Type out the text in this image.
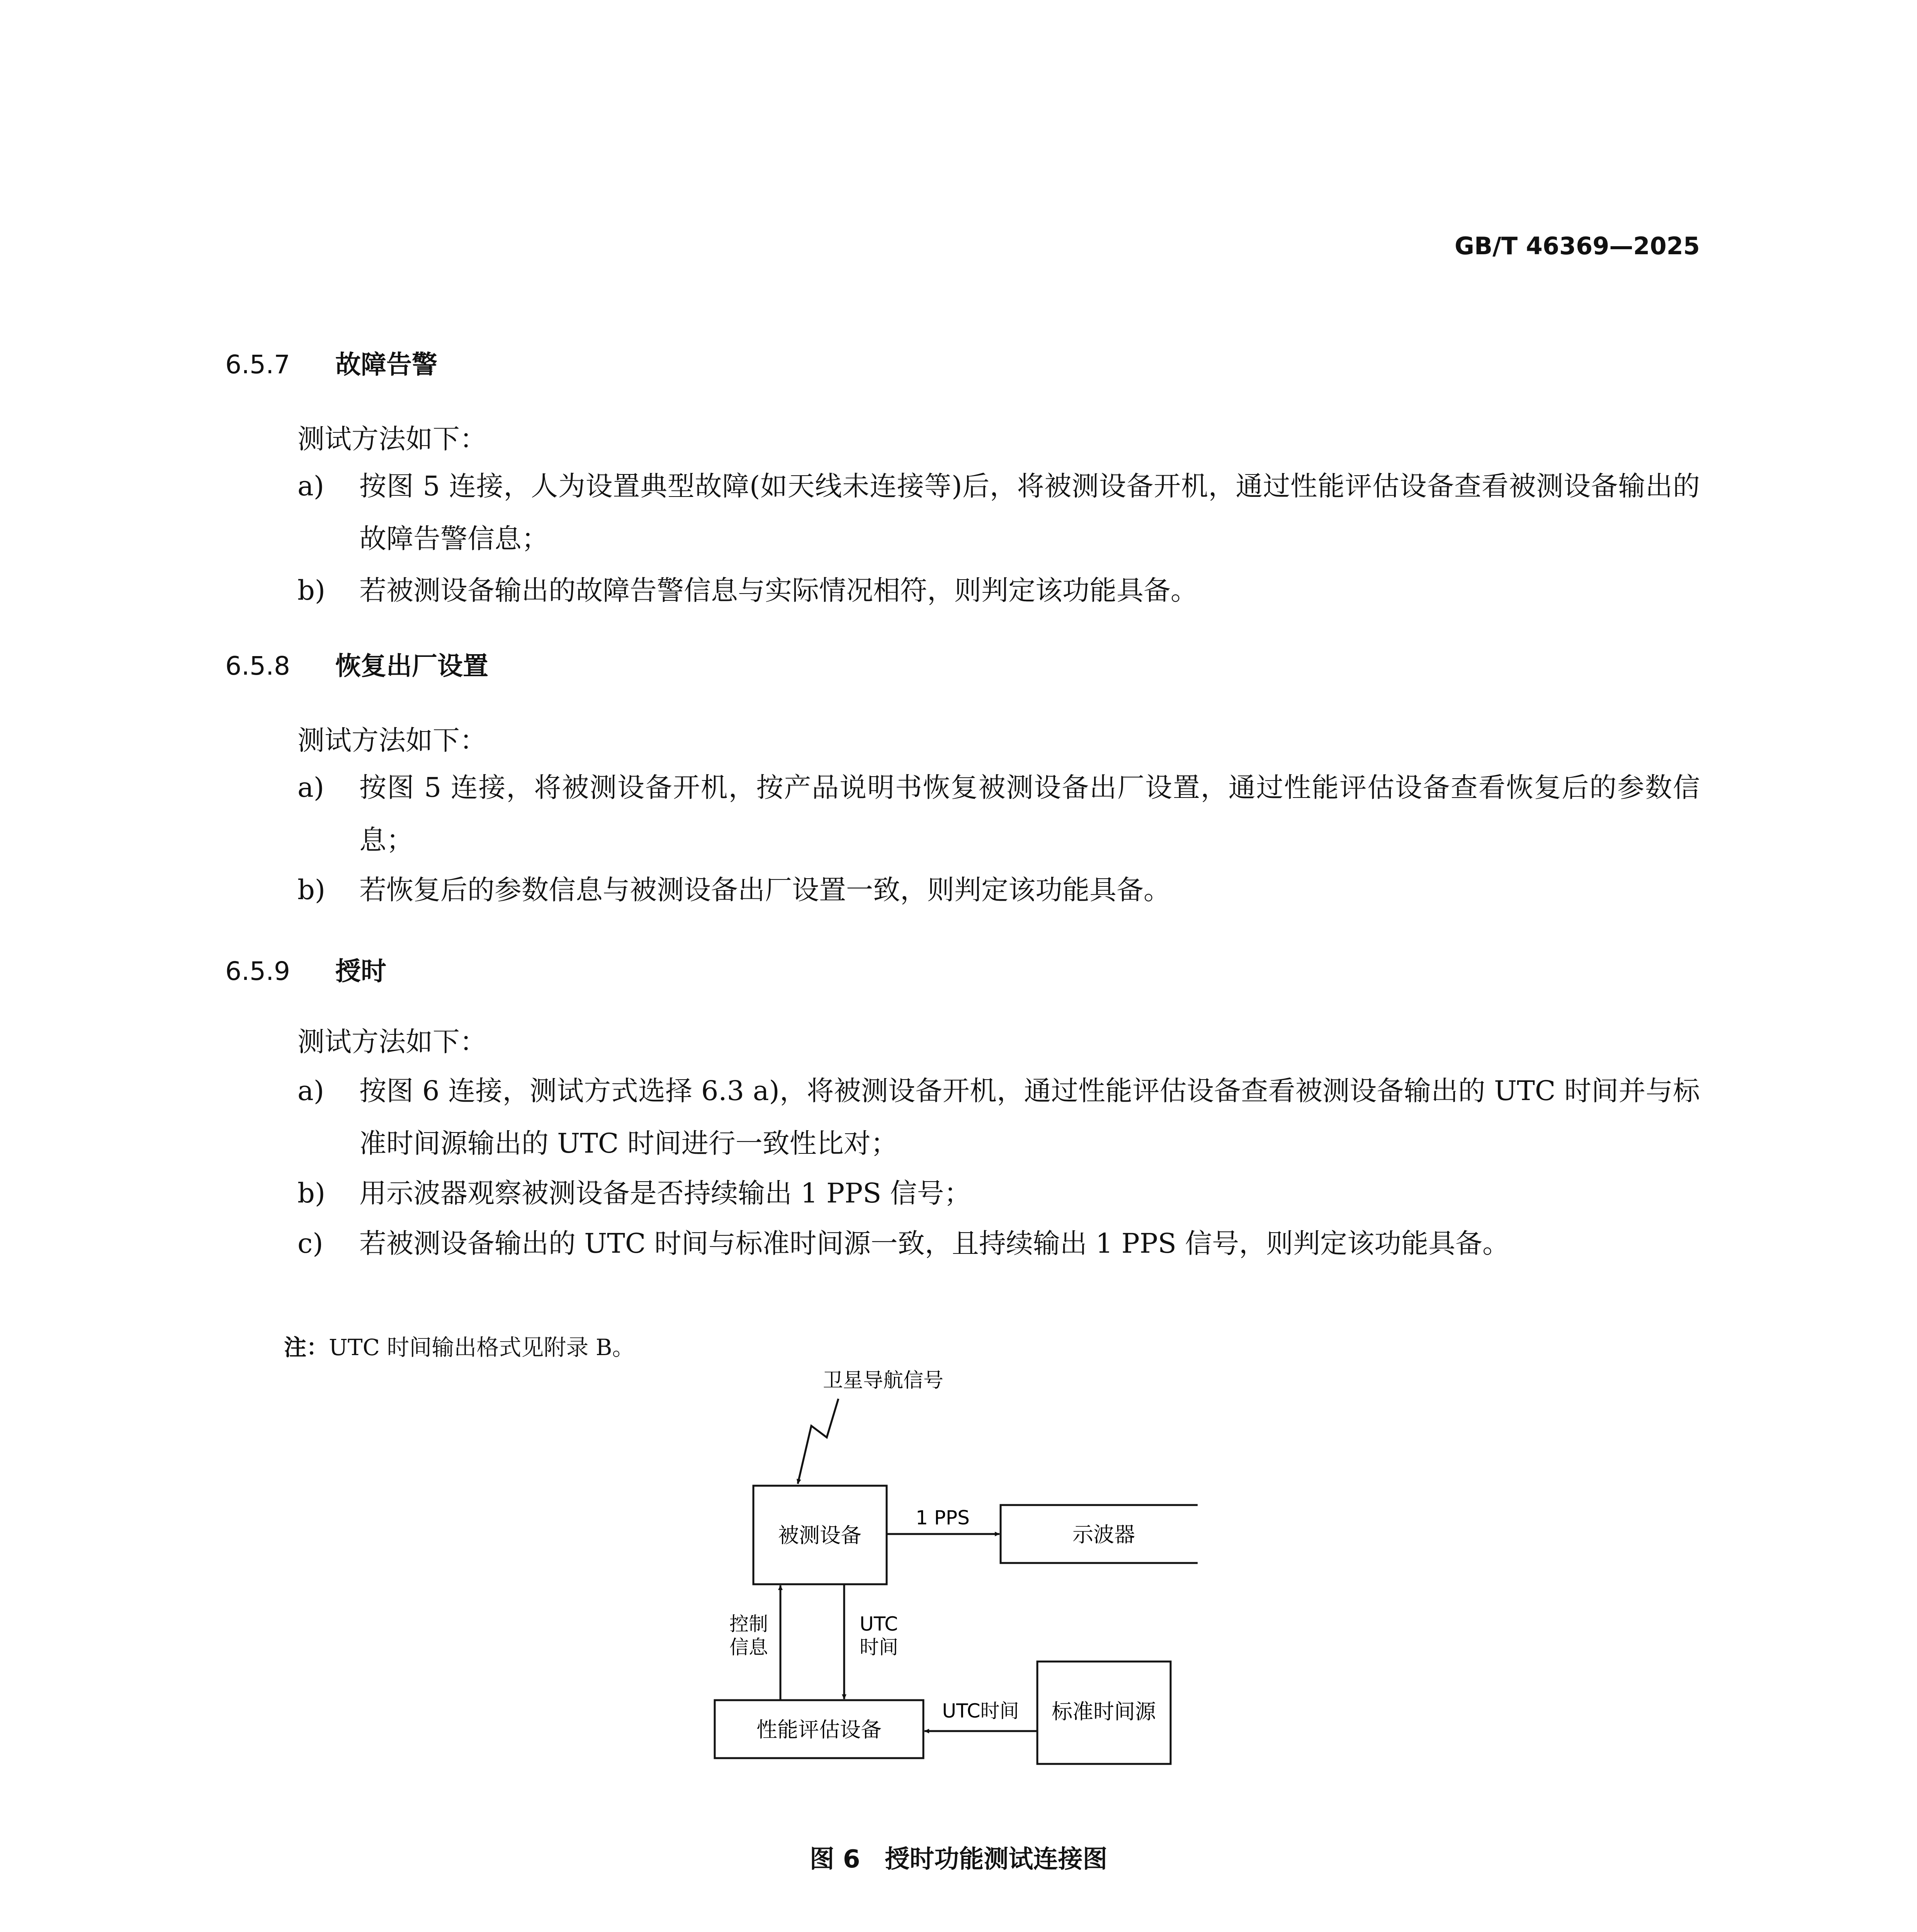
GB/T 46369—2025
6.5.7 故障告警
测试方法如下：
a) 按图 5 连接，人为设置典型故障(如天线未连接等)后，将被测设备开机，通过性能评估设备查看被测设备输出的故障告警信息；
b) 若被测设备输出的故障告警信息与实际情况相符，则判定该功能具备。
6.5.8 恢复出厂设置
测试方法如下：
a) 按图 5 连接，将被测设备开机，按产品说明书恢复被测设备出厂设置，通过性能评估设备查看恢复后的参数信息；
b) 若恢复后的参数信息与被测设备出厂设置一致，则判定该功能具备。
6.5.9 授时
测试方法如下：
a) 按图 6 连接，测试方式选择 6.3 a)，将被测设备开机，通过性能评估设备查看被测设备输出的 UTC 时间并与标准时间源输出的 UTC 时间进行一致性比对；
b) 用示波器观察被测设备是否持续输出 1 PPS 信号；
c) 若被测设备输出的 UTC 时间与标准时间源一致，且持续输出 1 PPS 信号，则判定该功能具备。
注：UTC 时间输出格式见附录 B。
卫星导航信号
被测设备	示波器
1 PPS
控制
信息
UTC
时间
性能评估设备
标准时间源
UTC时间
图 6　授时功能测试连接图
